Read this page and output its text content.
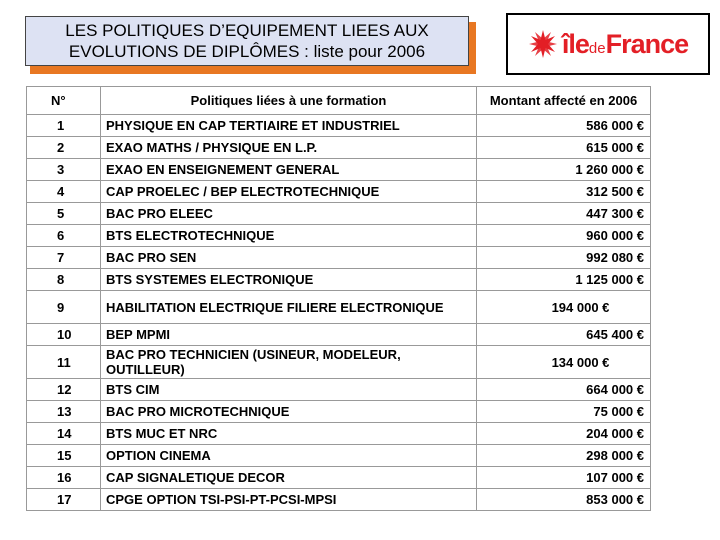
LES POLITIQUES D’EQUIPEMENT LIEES AUX
EVOLUTIONS DE DIPLÔMES : liste pour 2006	îledeFrance
N°	Politiques liées à une formation	Montant affecté en 2006
1	PHYSIQUE EN CAP TERTIAIRE ET INDUSTRIEL	586 000 €
2	EXAO MATHS / PHYSIQUE EN L.P.	615 000 €
3	EXAO EN ENSEIGNEMENT GENERAL	1 260 000 €
4	CAP PROELEC / BEP ELECTROTECHNIQUE	312 500 €
5	BAC PRO ELEEC	447 300 €
6	BTS ELECTROTECHNIQUE	960 000 €
7	BAC PRO SEN	992 080 €
8	BTS SYSTEMES ELECTRONIQUE	1 125 000 €
9	HABILITATION ELECTRIQUE FILIERE ELECTRONIQUE	194 000 €
10	BEP MPMI	645 400 €
11	BAC PRO TECHNICIEN (USINEUR, MODELEUR, OUTILLEUR)	134 000 €
12	BTS CIM	664 000 €
13	BAC PRO MICROTECHNIQUE	75 000 €
14	BTS MUC ET NRC	204 000 €
15	OPTION CINEMA	298 000 €
16	CAP SIGNALETIQUE DECOR	107 000 €
17	CPGE OPTION TSI-PSI-PT-PCSI-MPSI	853 000 €
